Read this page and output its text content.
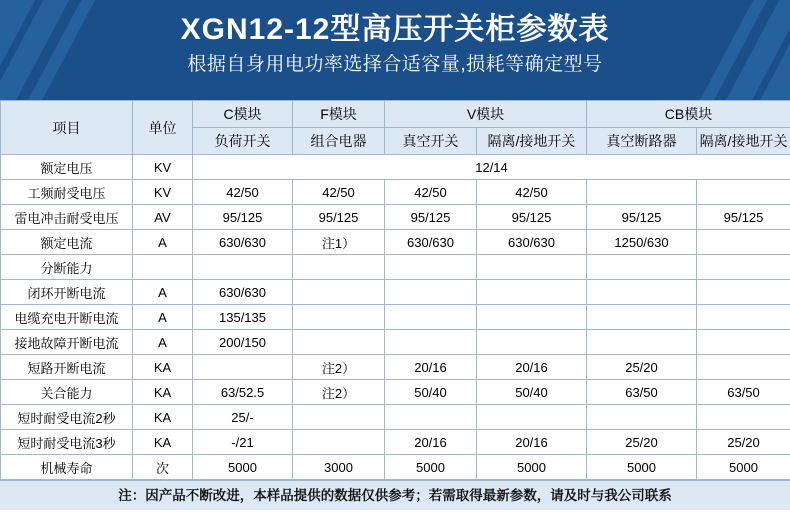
XGN12-12型高压开关柜参数表
根据自身用电功率选择合适容量,损耗等确定型号
项目	单位	C模块	F模块	V模块		CB模块	
		负荷开关	组合电器	真空开关	隔离/接地开关	真空断路器	隔离/接地开关
额定电压	KV	12/14					
工频耐受电压	KV	42/50	42/50	42/50	42/50		
雷电冲击耐受电压	AV	95/125	95/125	95/125	95/125	95/125	95/125
额定电流	A	630/630	注1）	630/630	630/630	1250/630	
分断能力							
闭环开断电流	A	630/630					
电缆充电开断电流	A	135/135					
接地故障开断电流	A	200/150					
短路开断电流	KA		注2）	20/16	20/16	25/20	
关合能力	KA	63/52.5	注2）	50/40	50/40	63/50	63/50
短时耐受电流2秒	KA	25/-					
短时耐受电流3秒	KA	-/21		20/16	20/16	25/20	25/20
机械寿命	次	5000	3000	5000	5000	5000	5000
注：因产品不断改进，本样品提供的数据仅供参考；若需取得最新参数，请及时与我公司联系
